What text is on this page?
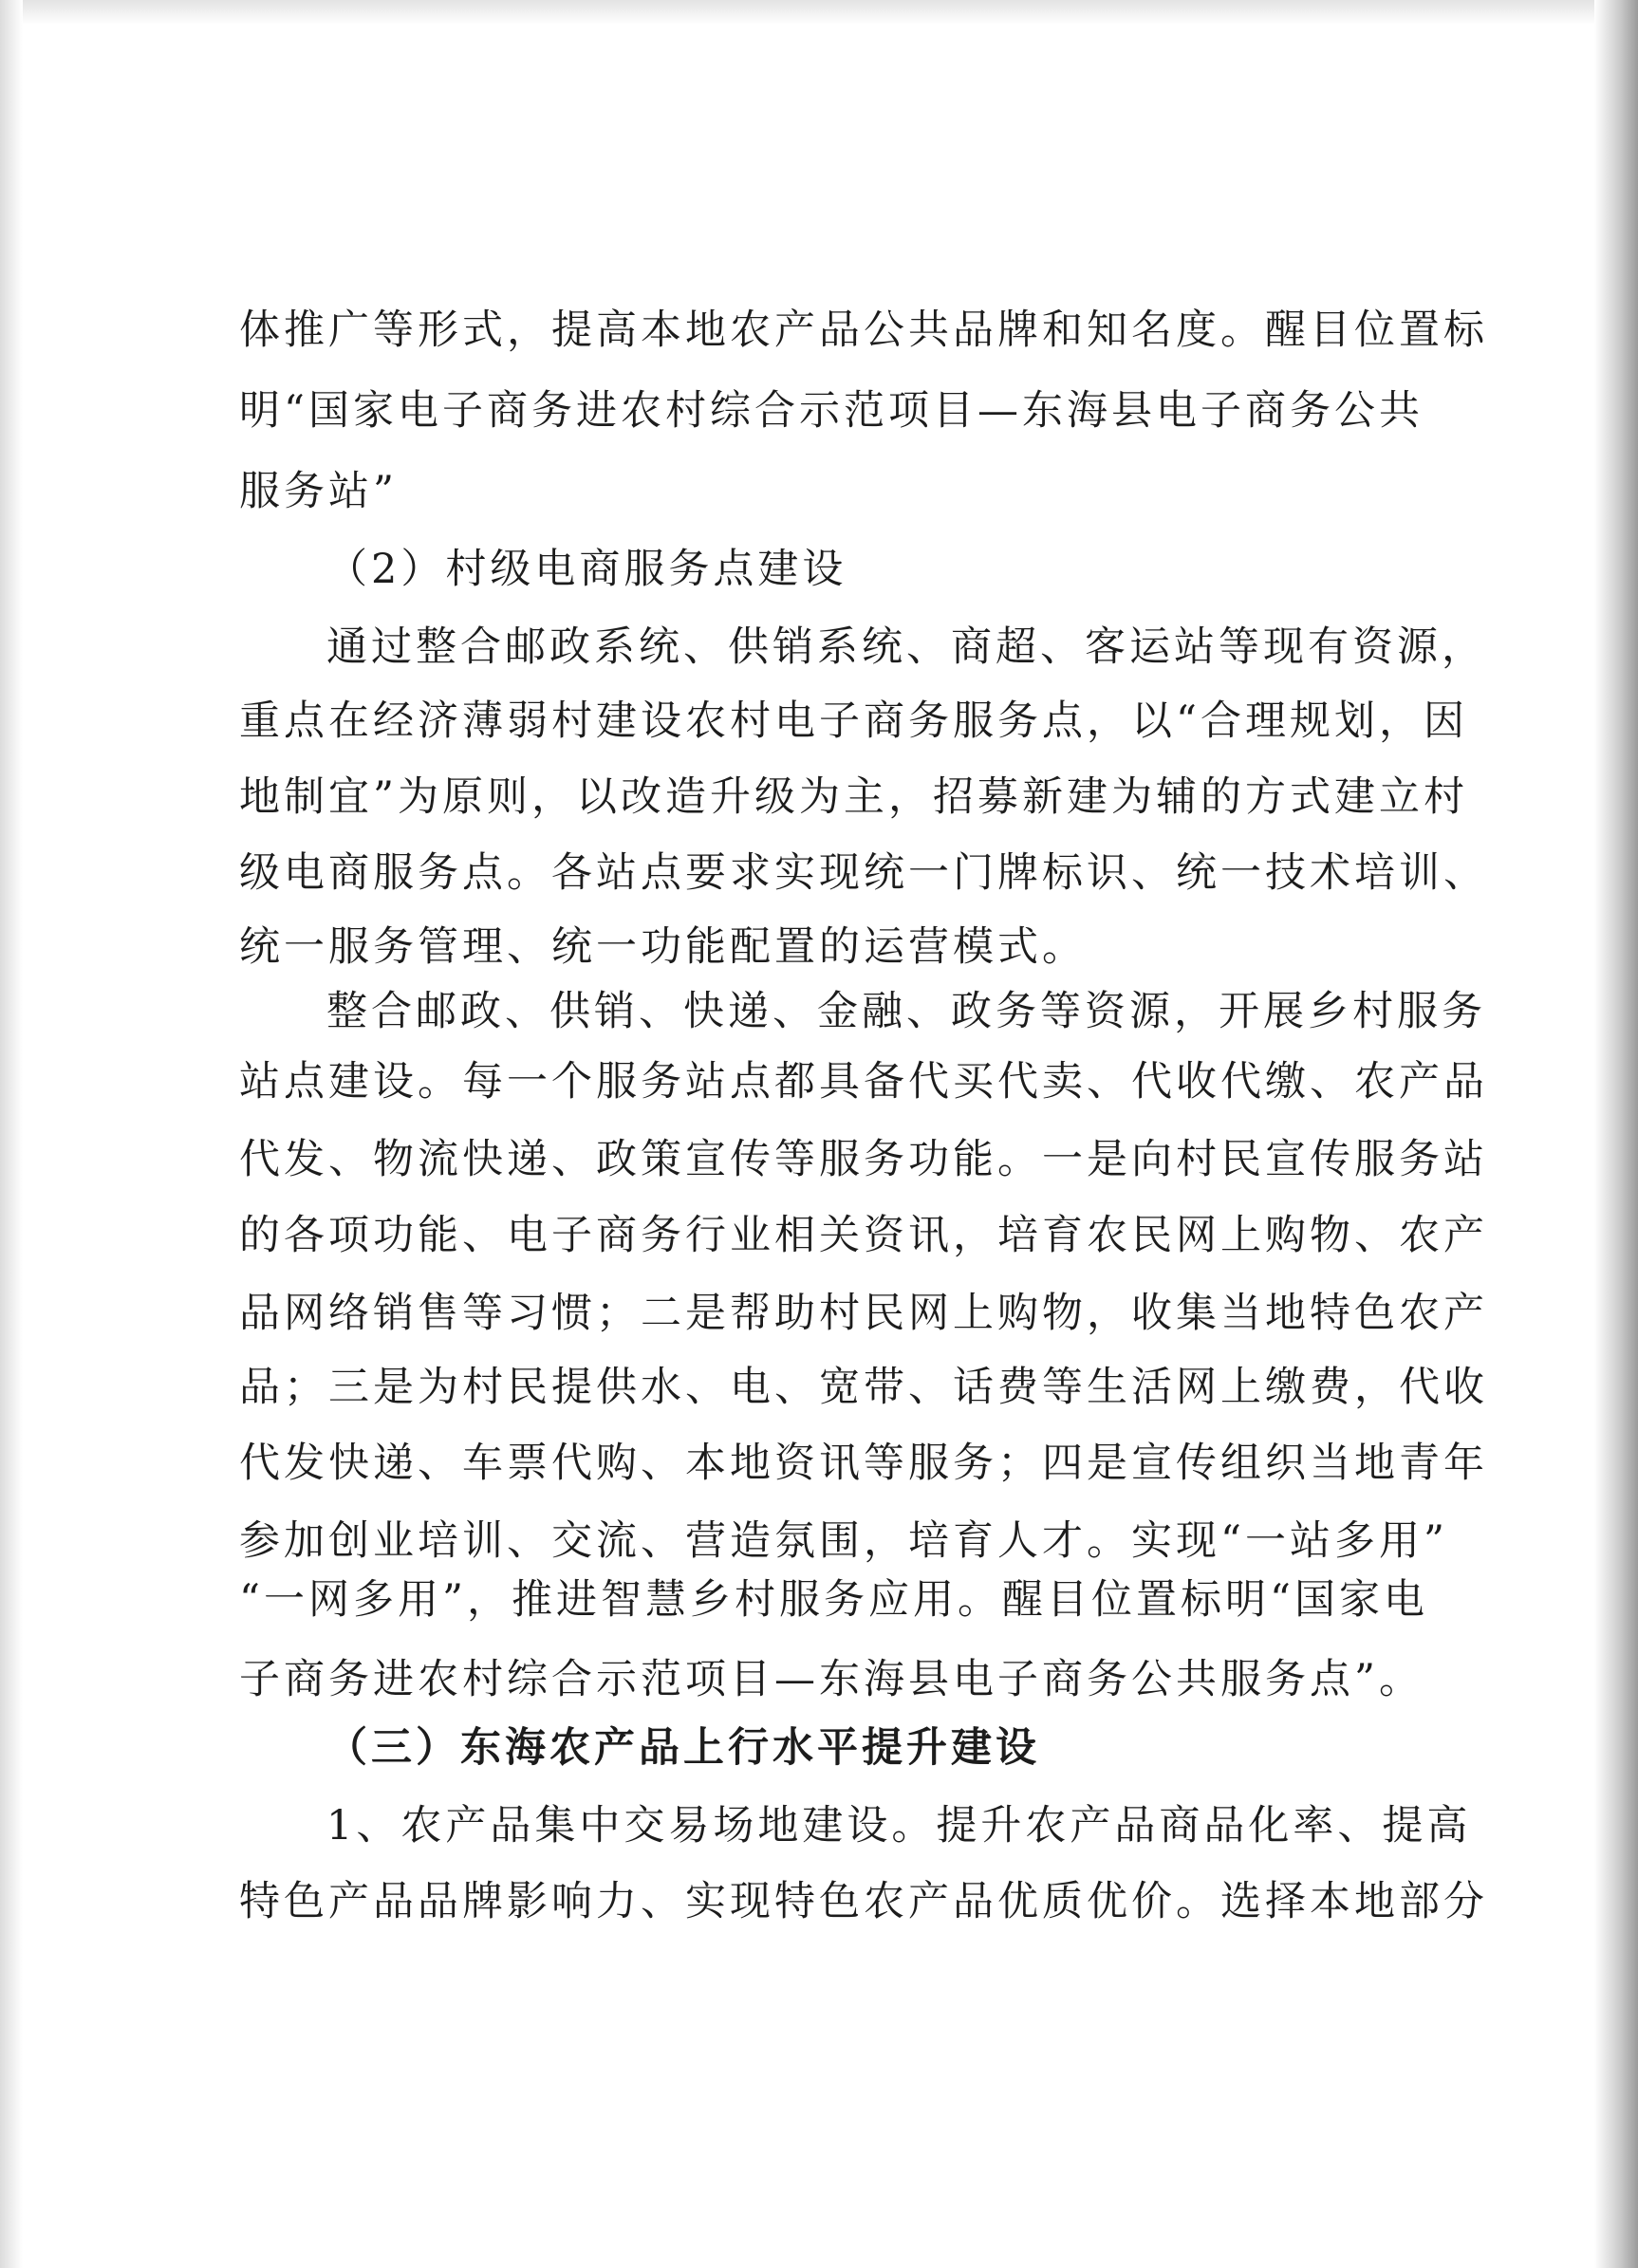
体推广等形式，提高本地农产品公共品牌和知名度。醒目位置标
明“国家电子商务进农村综合示范项目—东海县电子商务公共
服务站”
（2）村级电商服务点建设
通过整合邮政系统、供销系统、商超、客运站等现有资源，
重点在经济薄弱村建设农村电子商务服务点，以“合理规划，因
地制宜”为原则，以改造升级为主，招募新建为辅的方式建立村
级电商服务点。各站点要求实现统一门牌标识、统一技术培训、
统一服务管理、统一功能配置的运营模式。
整合邮政、供销、快递、金融、政务等资源，开展乡村服务
站点建设。每一个服务站点都具备代买代卖、代收代缴、农产品
代发、物流快递、政策宣传等服务功能。一是向村民宣传服务站
的各项功能、电子商务行业相关资讯，培育农民网上购物、农产
品网络销售等习惯；二是帮助村民网上购物，收集当地特色农产
品；三是为村民提供水、电、宽带、话费等生活网上缴费，代收
代发快递、车票代购、本地资讯等服务；四是宣传组织当地青年
参加创业培训、交流、营造氛围，培育人才。实现“一站多用”
“一网多用”，推进智慧乡村服务应用。醒目位置标明“国家电
子商务进农村综合示范项目—东海县电子商务公共服务点”。
（三）东海农产品上行水平提升建设
1、农产品集中交易场地建设。提升农产品商品化率、提高
特色产品品牌影响力、实现特色农产品优质优价。选择本地部分
